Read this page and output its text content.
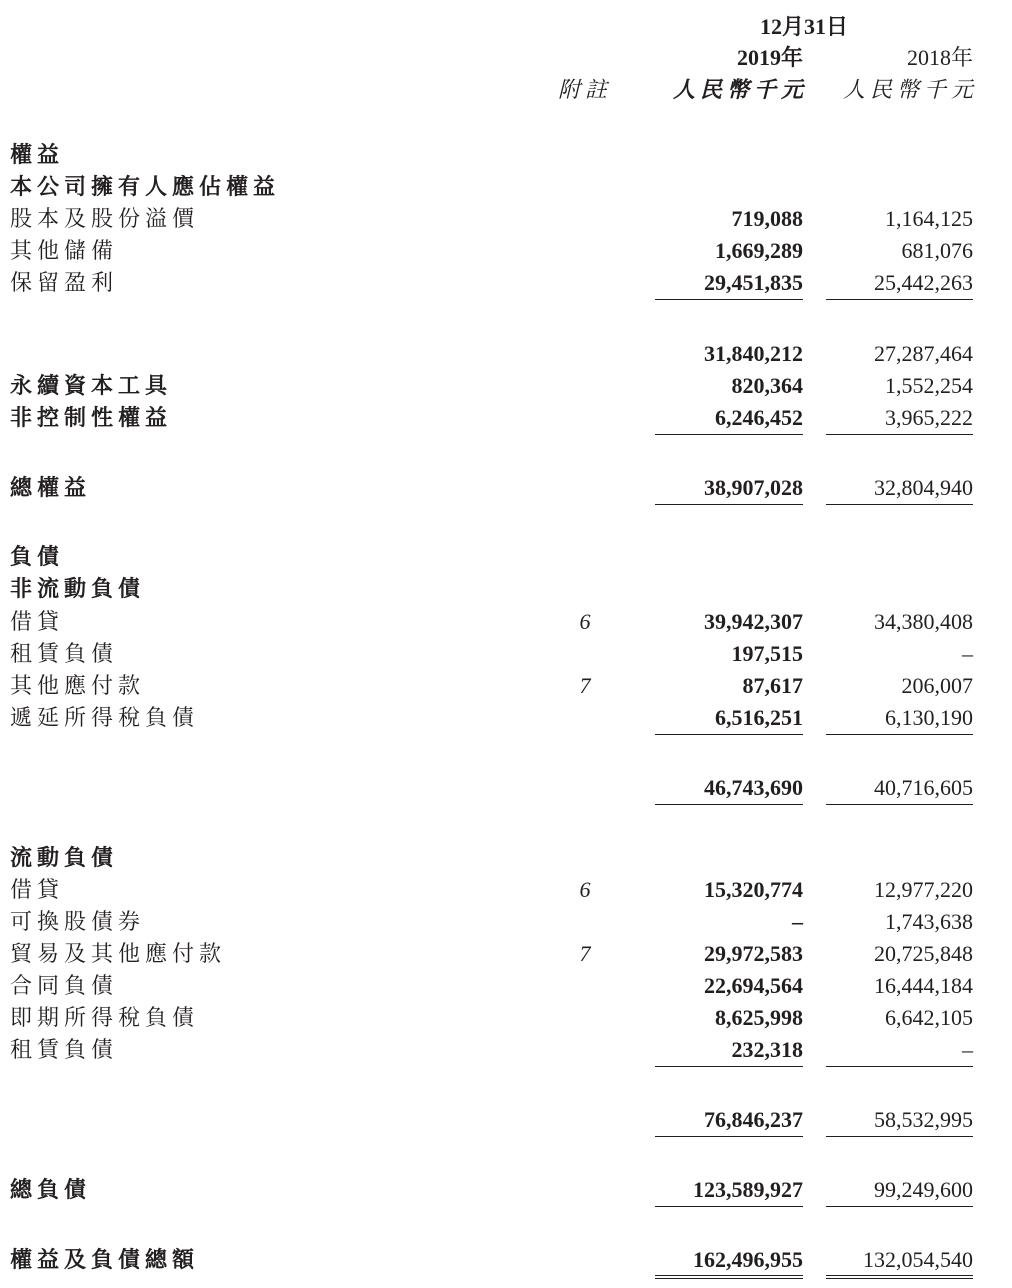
12月31日
2019年	2018年
附註	人民幣千元 人民幣千元
權益
本公司擁有人應佔權益
股本及股份溢價	719,088	1,164,125
其他儲備	1,669,289	681,076
保留盈利	29,451,835	25,442,263
31,840,212	27,287,464
永續資本工具	820,364	1,552,254
非控制性權益	6,246,452	3,965,222
總權益	38,907,028	32,804,940
負債
非流動負債
借貸	6	39,942,307	34,380,408
租賃負債	197,515	–
其他應付款	7	87,617	206,007
遞延所得稅負債	6,516,251	6,130,190
46,743,690	40,716,605
流動負債
借貸	6	15,320,774	12,977,220
可換股債券	–	1,743,638
貿易及其他應付款	7	29,972,583	20,725,848
合同負債	22,694,564	16,444,184
即期所得稅負債	8,625,998	6,642,105
租賃負債	232,318	–
76,846,237	58,532,995
總負債	123,589,927	99,249,600
權益及負債總額	162,496,955	132,054,540
